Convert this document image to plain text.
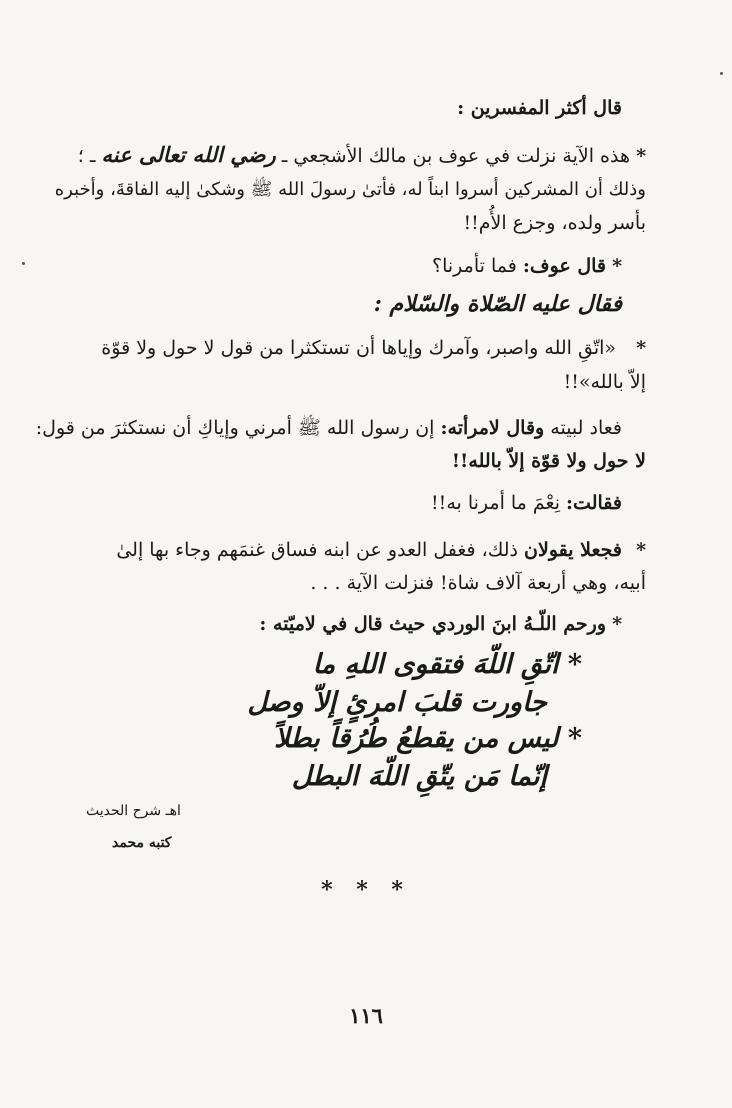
قال أكثر المفسرين :
* هذه الآية نزلت في عوف بن مالك الأشجعي ـ رضي الله تعالى عنه ـ ؛
وذلك أن المشركين أسروا ابناً له، فأتىٰ رسولَ الله ﷺ وشكىٰ إليه الفاقةَ، وأخبره
بأسر ولده، وجزع الأُم!!
* قال عوف: فما تأمرنا؟
فقال عليه الصّلاة والسّلام :
* «اتّقِ الله واصبر، وآمرك وإياها أن تستكثرا من قول لا حول ولا قوّة
إلاّ بالله»!!
فعاد لبيته وقال لامرأته: إن رسول الله ﷺ أمرني وإياكِ أن نستكثرَ من قول:
لا حول ولا قوّة إلاّ بالله!!
فقالت: نِعْمَ ما أمرنا به!!
* فجعلا يقولان ذلك، فغفل العدو عن ابنه فساق غنمَهم وجاء بها إلىٰ
أبيه، وهي أربعة آلاف شاة! فنزلت الآية . . .
* ورحم اللّـهُ ابنَ الوردي حيث قال في لاميّته :
* اتّقِ اللّهَ فتقوى اللهِ ما
جاورت قلبَ امرئٍ إلاّ وصل
* ليس من يقطعُ طُرُقاً بطلاً
إنّما مَن يتّقِ اللّهَ البطل
اهـ شرح الحديث
كتبه محمد
* * *
١١٦
